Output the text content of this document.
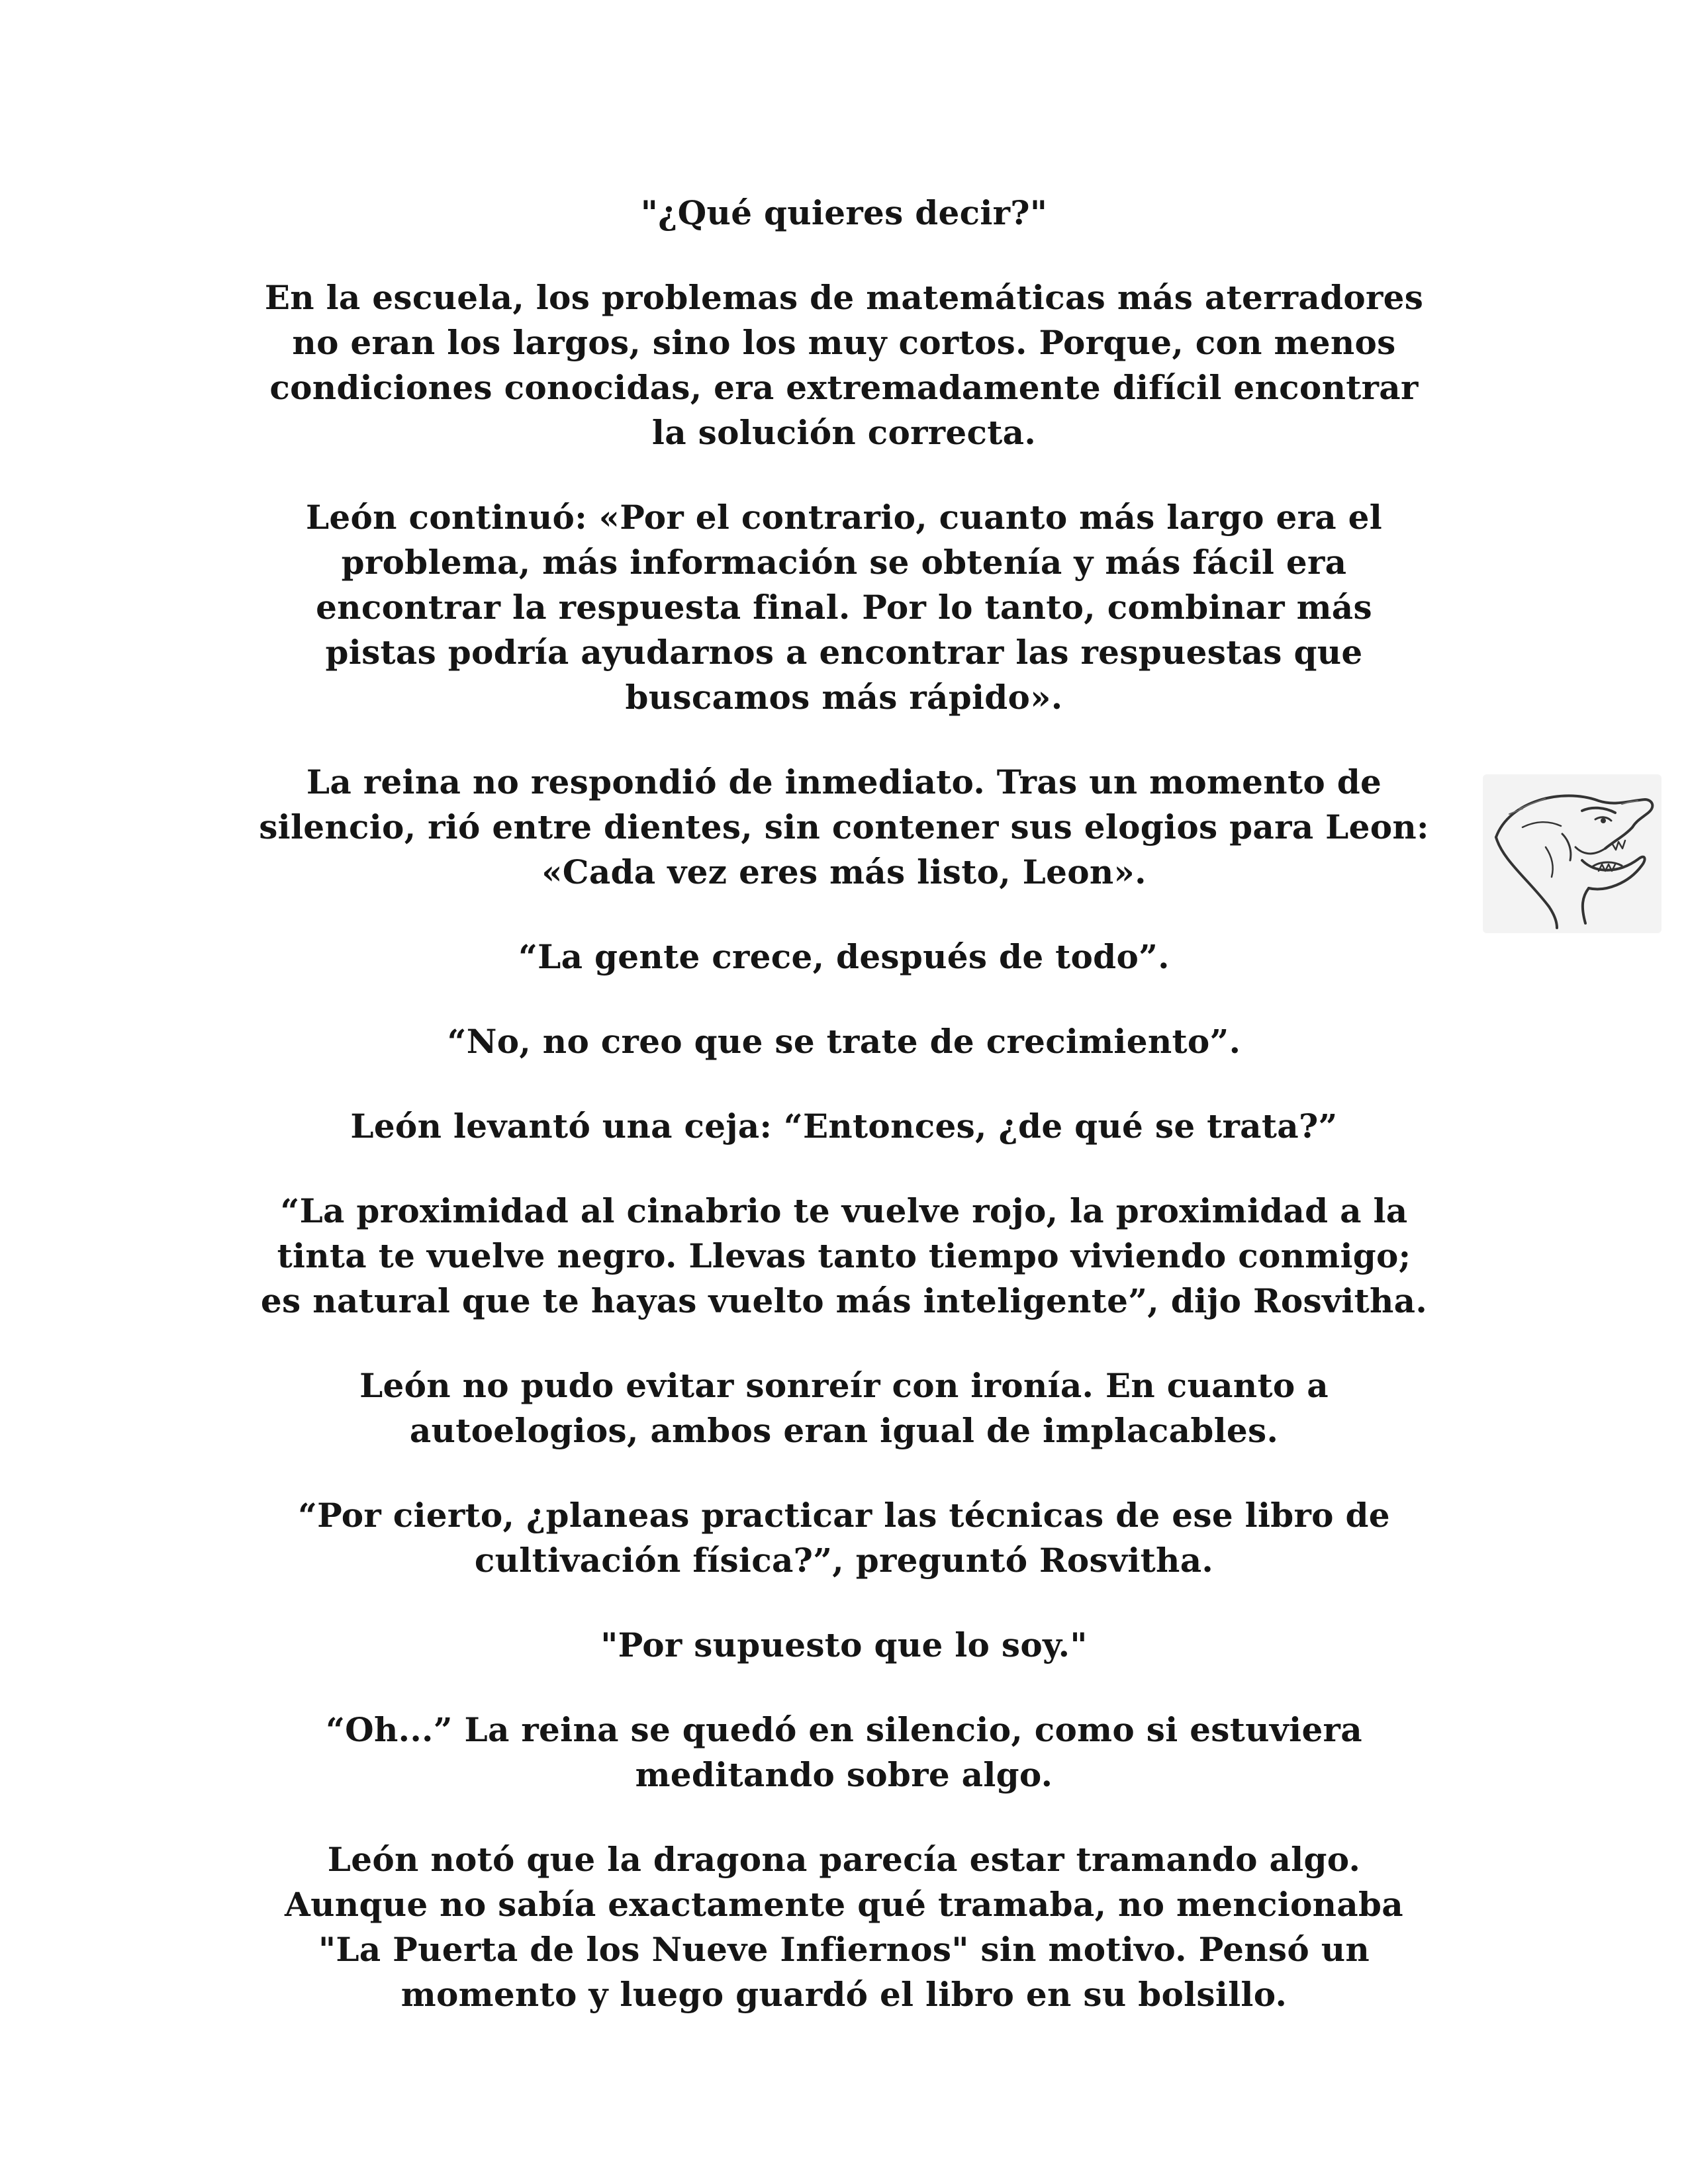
"¿Qué quieres decir?"

En la escuela, los problemas de matemáticas más aterradores
no eran los largos, sino los muy cortos. Porque, con menos
condiciones conocidas, era extremadamente difícil encontrar
la solución correcta.

León continuó: «Por el contrario, cuanto más largo era el
problema, más información se obtenía y más fácil era
encontrar la respuesta final. Por lo tanto, combinar más
pistas podría ayudarnos a encontrar las respuestas que
buscamos más rápido».

La reina no respondió de inmediato. Tras un momento de
silencio, rió entre dientes, sin contener sus elogios para Leon:
«Cada vez eres más listo, Leon».

“La gente crece, después de todo”.

“No, no creo que se trate de crecimiento”.

León levantó una ceja: “Entonces, ¿de qué se trata?”

“La proximidad al cinabrio te vuelve rojo, la proximidad a la
tinta te vuelve negro. Llevas tanto tiempo viviendo conmigo;
es natural que te hayas vuelto más inteligente”, dijo Rosvitha.

León no pudo evitar sonreír con ironía. En cuanto a
autoelogios, ambos eran igual de implacables.

“Por cierto, ¿planeas practicar las técnicas de ese libro de
cultivación física?”, preguntó Rosvitha.

"Por supuesto que lo soy."

“Oh...” La reina se quedó en silencio, como si estuviera
meditando sobre algo.

León notó que la dragona parecía estar tramando algo.
Aunque no sabía exactamente qué tramaba, no mencionaba
"La Puerta de los Nueve Infiernos" sin motivo. Pensó un
momento y luego guardó el libro en su bolsillo.
